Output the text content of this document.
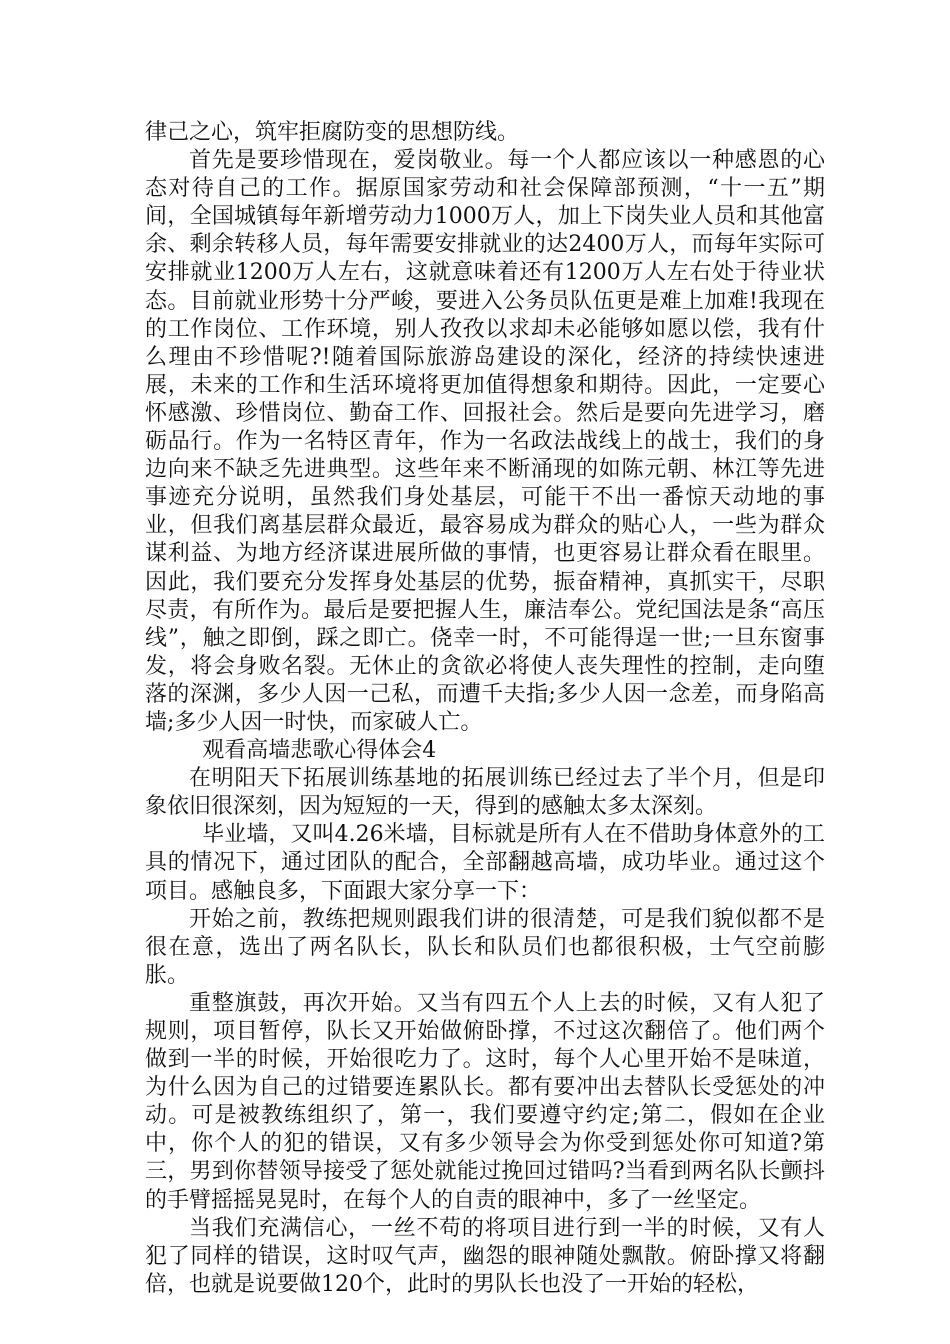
律己之心，筑牢拒腐防变的思想防线。

首先是要珍惜现在，爱岗敬业。每一个人都应该以一种感恩的心态对待自己的工作。据原国家劳动和社会保障部预测，“十一五”期间，全国城镇每年新增劳动力1000万人，加上下岗失业人员和其他富余、剩余转移人员，每年需要安排就业的达2400万人，而每年实际可安排就业1200万人左右，这就意味着还有1200万人左右处于待业状态。目前就业形势十分严峻，要进入公务员队伍更是难上加难!我现在的工作岗位、工作环境，别人孜孜以求却未必能够如愿以偿，我有什么理由不珍惜呢?!随着国际旅游岛建设的深化，经济的持续快速进展，未来的工作和生活环境将更加值得想象和期待。因此，一定要心怀感激、珍惜岗位、勤奋工作、回报社会。然后是要向先进学习，磨砺品行。作为一名特区青年，作为一名政法战线上的战士，我们的身边向来不缺乏先进典型。这些年来不断涌现的如陈元朝、林江等先进事迹充分说明，虽然我们身处基层，可能干不出一番惊天动地的事业，但我们离基层群众最近，最容易成为群众的贴心人，一些为群众谋利益、为地方经济谋进展所做的事情，也更容易让群众看在眼里。因此，我们要充分发挥身处基层的优势，振奋精神，真抓实干，尽职尽责，有所作为。最后是要把握人生，廉洁奉公。党纪国法是条“高压线”，触之即倒，踩之即亡。侥幸一时，不可能得逞一世;一旦东窗事发，将会身败名裂。无休止的贪欲必将使人丧失理性的控制，走向堕落的深渊，多少人因一己私，而遭千夫指;多少人因一念差，而身陷高墙;多少人因一时快，而家破人亡。

观看高墙悲歌心得体会4

在明阳天下拓展训练基地的拓展训练已经过去了半个月，但是印象依旧很深刻，因为短短的一天，得到的感触太多太深刻。

毕业墙，又叫4.26米墙，目标就是所有人在不借助身体意外的工具的情况下，通过团队的配合，全部翻越高墙，成功毕业。通过这个项目。感触良多，下面跟大家分享一下：

开始之前，教练把规则跟我们讲的很清楚，可是我们貌似都不是很在意，选出了两名队长，队长和队员们也都很积极，士气空前膨胀。

重整旗鼓，再次开始。又当有四五个人上去的时候，又有人犯了规则，项目暂停，队长又开始做俯卧撑，不过这次翻倍了。他们两个做到一半的时候，开始很吃力了。这时，每个人心里开始不是味道，为什么因为自己的过错要连累队长。都有要冲出去替队长受惩处的冲动。可是被教练组织了，第一，我们要遵守约定;第二，假如在企业中，你个人的犯的错误，又有多少领导会为你受到惩处你可知道?第三，男到你替领导接受了惩处就能过挽回过错吗?当看到两名队长颤抖的手臂摇摇晃晃时，在每个人的自责的眼神中，多了一丝坚定。

当我们充满信心，一丝不苟的将项目进行到一半的时候，又有人犯了同样的错误，这时叹气声，幽怨的眼神随处飘散。俯卧撑又将翻倍，也就是说要做120个，此时的男队长也没了一开始的轻松，
